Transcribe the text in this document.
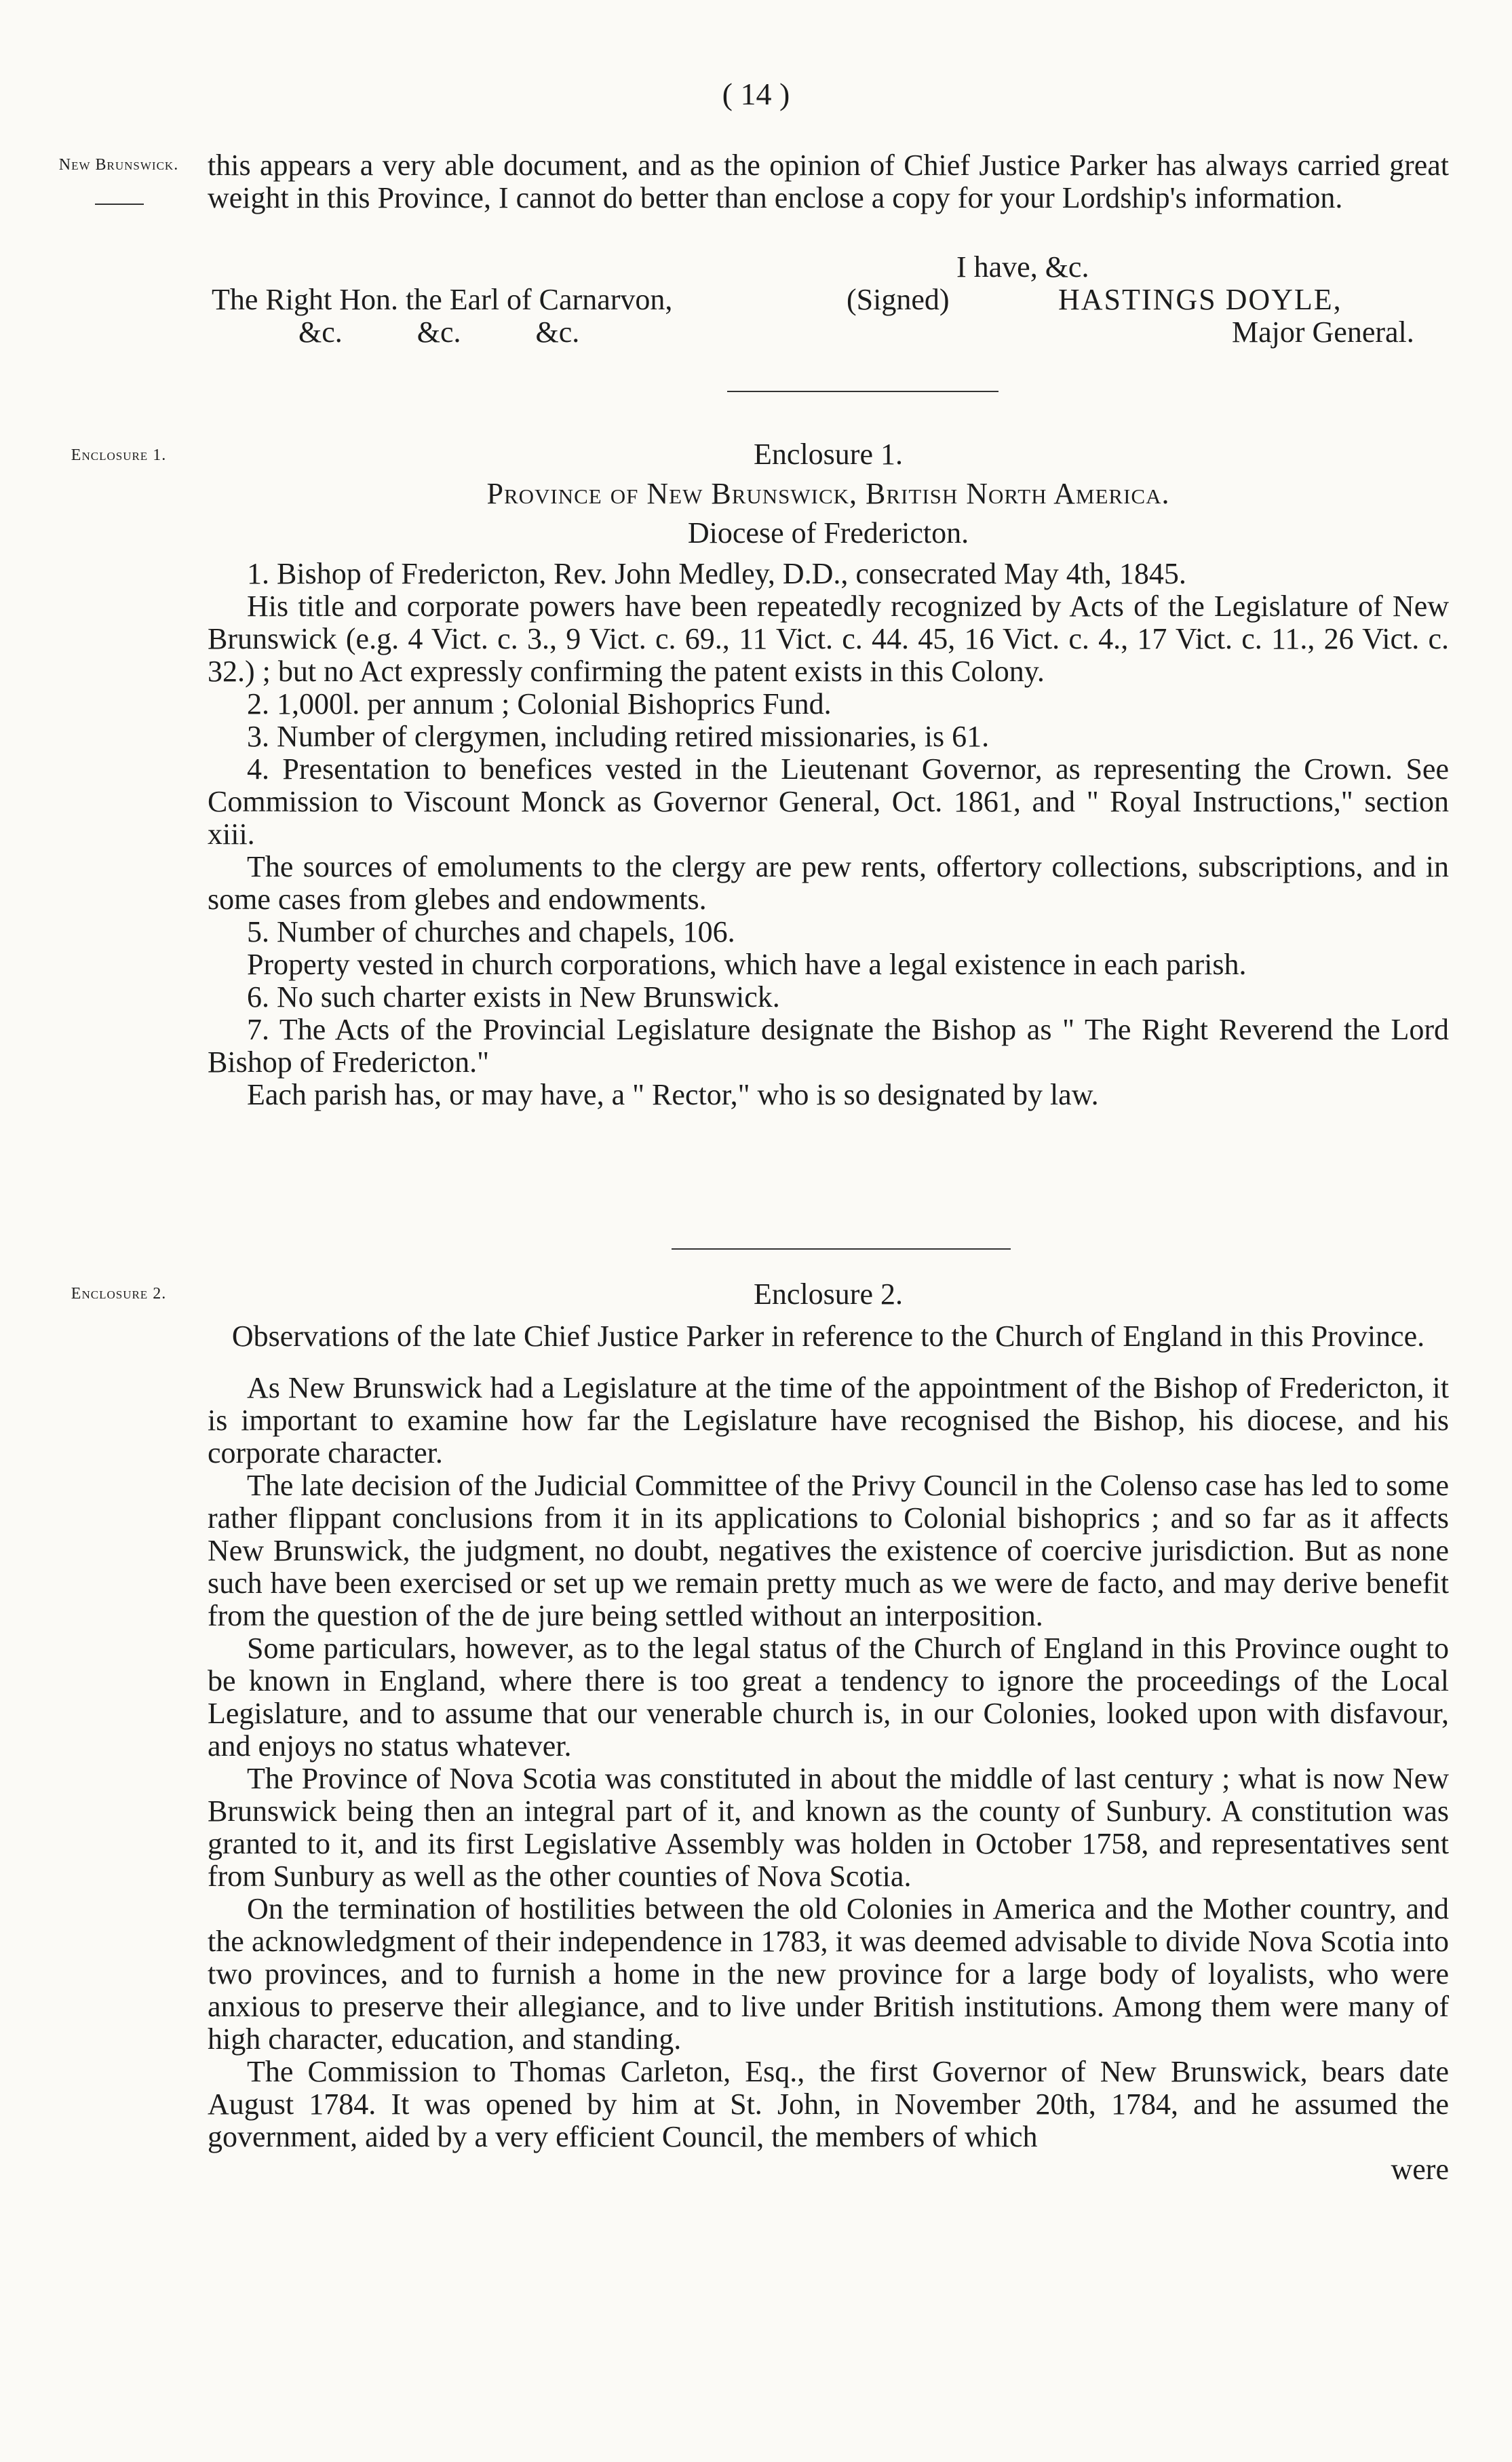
( 14 )
New Brunswick.
Enclosure 1.
Enclosure 2.

this appears a very able document, and as the opinion of Chief Justice Parker has always carried great weight in this Province, I cannot do better than enclose a copy for your Lordship's information.

I have, &c.
The Right Hon. the Earl of Carnarvon,	(Signed)	HASTINGS DOYLE,
&c.          &c.          &c.	Major General.

Enclosure 1.

Province of New Brunswick, British North America.

Diocese of Fredericton.

1. Bishop of Fredericton, Rev. John Medley, D.D., consecrated May 4th, 1845.

His title and corporate powers have been repeatedly recognized by Acts of the Legislature of New Brunswick (e.g. 4 Vict. c. 3., 9 Vict. c. 69., 11 Vict. c. 44. 45, 16 Vict. c. 4., 17 Vict. c. 11., 26 Vict. c. 32.) ; but no Act expressly confirming the patent exists in this Colony.

2. 1,000l. per annum ; Colonial Bishoprics Fund.

3. Number of clergymen, including retired missionaries, is 61.

4. Presentation to benefices vested in the Lieutenant Governor, as representing the Crown. See Commission to Viscount Monck as Governor General, Oct. 1861, and " Royal Instructions," section xiii.

The sources of emoluments to the clergy are pew rents, offertory collections, subscriptions, and in some cases from glebes and endowments.

5. Number of churches and chapels, 106.

Property vested in church corporations, which have a legal existence in each parish.

6. No such charter exists in New Brunswick.

7. The Acts of the Provincial Legislature designate the Bishop as " The Right Reverend the Lord Bishop of Fredericton."

Each parish has, or may have, a " Rector," who is so designated by law.

Enclosure 2.

Observations of the late Chief Justice Parker in reference to the Church of England in this Province.

As New Brunswick had a Legislature at the time of the appointment of the Bishop of Fredericton, it is important to examine how far the Legislature have recognised the Bishop, his diocese, and his corporate character.

The late decision of the Judicial Committee of the Privy Council in the Colenso case has led to some rather flippant conclusions from it in its applications to Colonial bishoprics ; and so far as it affects New Brunswick, the judgment, no doubt, negatives the existence of coercive jurisdiction. But as none such have been exercised or set up we remain pretty much as we were de facto, and may derive benefit from the question of the de jure being settled without an interposition.

Some particulars, however, as to the legal status of the Church of England in this Province ought to be known in England, where there is too great a tendency to ignore the proceedings of the Local Legislature, and to assume that our venerable church is, in our Colonies, looked upon with disfavour, and enjoys no status whatever.

The Province of Nova Scotia was constituted in about the middle of last century ; what is now New Brunswick being then an integral part of it, and known as the county of Sunbury. A constitution was granted to it, and its first Legislative Assembly was holden in October 1758, and representatives sent from Sunbury as well as the other counties of Nova Scotia.

On the termination of hostilities between the old Colonies in America and the Mother country, and the acknowledgment of their independence in 1783, it was deemed advisable to divide Nova Scotia into two provinces, and to furnish a home in the new province for a large body of loyalists, who were anxious to preserve their allegiance, and to live under British institutions. Among them were many of high character, education, and standing.

The Commission to Thomas Carleton, Esq., the first Governor of New Brunswick, bears date August 1784. It was opened by him at St. John, in November 20th, 1784, and he assumed the government, aided by a very efficient Council, the members of which

were
